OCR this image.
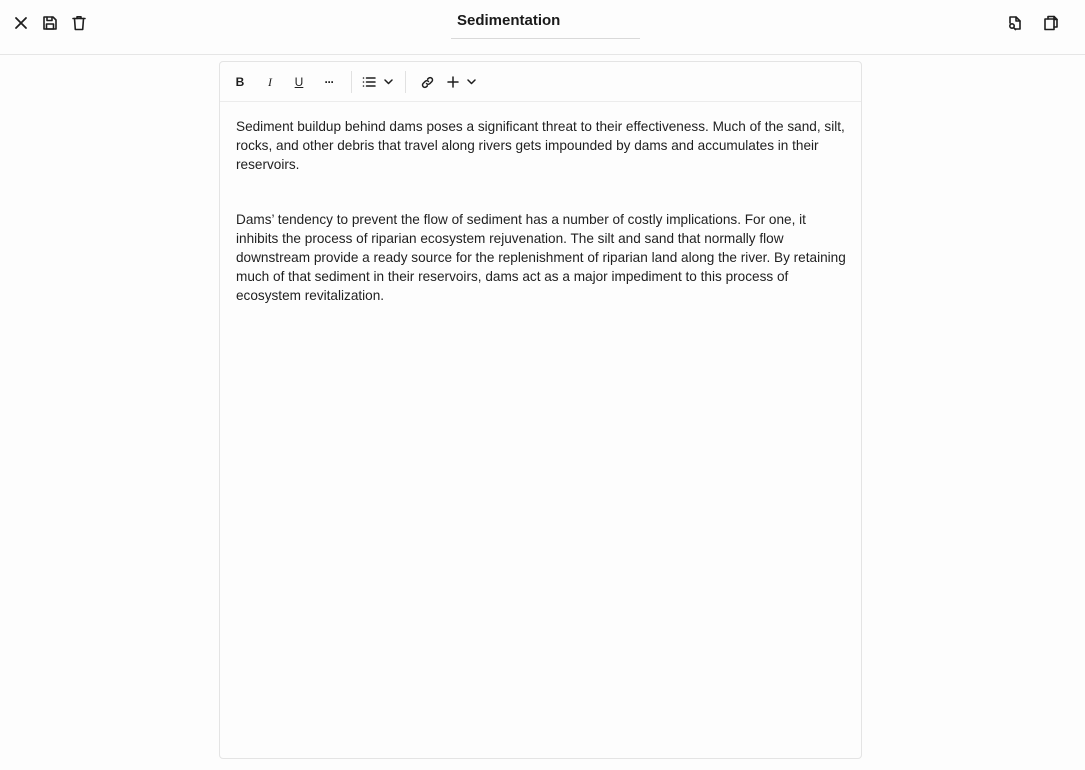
Sedimentation
B I U ···

Sediment buildup behind dams poses a significant threat to their effectiveness. Much of the sand, silt, rocks, and other debris that travel along rivers gets impounded by dams and accumulates in their reservoirs.

Dams’ tendency to prevent the flow of sediment has a number of costly implications. For one, it inhibits the process of riparian ecosystem rejuvenation. The silt and sand that normally flow downstream provide a ready source for the replenishment of riparian land along the river. By retaining much of that sediment in their reservoirs, dams act as a major impediment to this process of ecosystem revitalization.
